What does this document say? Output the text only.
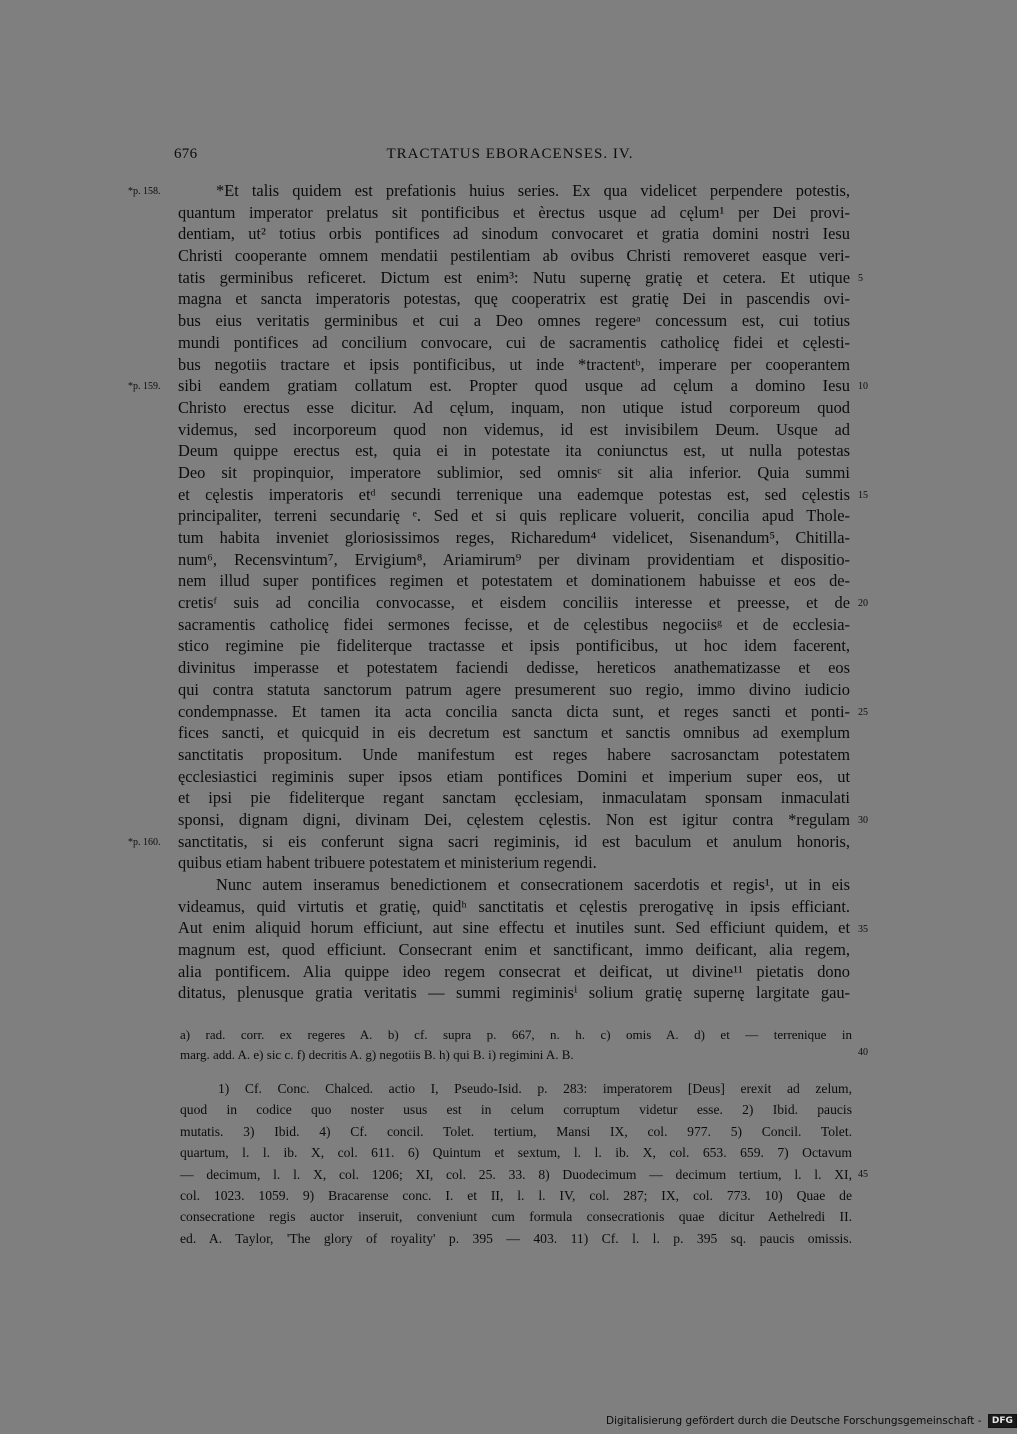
676	TRACTATUS EBORACENSES. IV.
*Et talis quidem est prefationis huius series. Ex qua videlicet perpendere potestis,
quantum imperator prelatus sit pontificibus et èrectus usque ad cęlum¹ per Dei provi-
dentiam, ut² totius orbis pontifices ad sinodum convocaret et gratia domini nostri Iesu
Christi cooperante omnem mendatii pestilentiam ab ovibus Christi removeret easque veri-
tatis germinibus reficeret. Dictum est enim³: Nutu supernę gratię et cetera. Et utique
magna et sancta imperatoris potestas, quę cooperatrix est gratię Dei in pascendis ovi-
bus eius veritatis germinibus et cui a Deo omnes regereᵃ concessum est, cui totius
mundi pontifices ad concilium convocare, cui de sacramentis catholicę fidei et cęlesti-
bus negotiis tractare et ipsis pontificibus, ut inde *tractentᵇ, imperare per cooperantem
sibi eandem gratiam collatum est. Propter quod usque ad cęlum a domino Iesu
Christo erectus esse dicitur. Ad cęlum, inquam, non utique istud corporeum quod
videmus, sed incorporeum quod non videmus, id est invisibilem Deum. Usque ad
Deum quippe erectus est, quia ei in potestate ita coniunctus est, ut nulla potestas
Deo sit propinquior, imperatore sublimior, sed omnisᶜ sit alia inferior. Quia summi
et cęlestis imperatoris etᵈ secundi terrenique una eademque potestas est, sed cęlestis
principaliter, terreni secundarię ᵉ. Sed et si quis replicare voluerit, concilia apud Thole-
tum habita inveniet gloriosissimos reges, Richaredum⁴ videlicet, Sisenandum⁵, Chitilla-
num⁶, Recensvintum⁷, Ervigium⁸, Ariamirum⁹ per divinam providentiam et dispositio-
nem illud super pontifices regimen et potestatem et dominationem habuisse et eos de-
cretisᶠ suis ad concilia convocasse, et eisdem conciliis interesse et preesse, et de
sacramentis catholicę fidei sermones fecisse, et de cęlestibus negociisᵍ et de ecclesia-
stico regimine pie fideliterque tractasse et ipsis pontificibus, ut hoc idem facerent,
divinitus imperasse et potestatem faciendi dedisse, hereticos anathematizasse et eos
qui contra statuta sanctorum patrum agere presumerent suo regio, immo divino iudicio
condempnasse. Et tamen ita acta concilia sancta dicta sunt, et reges sancti et ponti-
fices sancti, et quicquid in eis decretum est sanctum et sanctis omnibus ad exemplum
sanctitatis propositum. Unde manifestum est reges habere sacrosanctam potestatem
ęcclesiastici regiminis super ipsos etiam pontifices Domini et imperium super eos, ut
et ipsi pie fideliterque regant sanctam ęcclesiam, inmaculatam sponsam inmaculati
sponsi, dignam digni, divinam Dei, cęlestem cęlestis. Non est igitur contra *regulam
sanctitatis, si eis conferunt signa sacri regiminis, id est baculum et anulum honoris,
quibus etiam habent tribuere potestatem et ministerium regendi.
Nunc autem inseramus benedictionem et consecrationem sacerdotis et regis¹, ut in eis
videamus, quid virtutis et gratię, quidʰ sanctitatis et cęlestis prerogativę in ipsis efficiant.
Aut enim aliquid horum efficiunt, aut sine effectu et inutiles sunt. Sed efficiunt quidem, et
magnum est, quod efficiunt. Consecrant enim et sanctificant, immo deificant, alia regem,
alia pontificem. Alia quippe ideo regem consecrat et deificat, ut divine¹¹ pietatis dono
ditatus, plenusque gratia veritatis — summi regiminisⁱ solium gratię supernę largitate gau-
*p. 158.
*p. 159.
*p. 160.
5
10
15
20
25
30
35
40
45
a) rad. corr. ex regeres A. b) cf. supra p. 667, n. h. c) omis A. d) et — terrenique in
marg. add. A. e) sic c. f) decritis A. g) negotiis B. h) qui B. i) regimini A. B.
1) Cf. Conc. Chalced. actio I, Pseudo-Isid. p. 283: imperatorem [Deus] erexit ad zelum,
quod in codice quo noster usus est in celum corruptum videtur esse. 2) Ibid. paucis
mutatis. 3) Ibid. 4) Cf. concil. Tolet. tertium, Mansi IX, col. 977. 5) Concil. Tolet.
quartum, l. l. ib. X, col. 611. 6) Quintum et sextum, l. l. ib. X, col. 653. 659. 7) Octavum
— decimum, l. l. X, col. 1206; XI, col. 25. 33. 8) Duodecimum — decimum tertium, l. l. XI,
col. 1023. 1059. 9) Bracarense conc. I. et II, l. l. IV, col. 287; IX, col. 773. 10) Quae de
consecratione regis auctor inseruit, conveniunt cum formula consecrationis quae dicitur Aethelredi II.
ed. A. Taylor, 'The glory of royality' p. 395 — 403. 11) Cf. l. l. p. 395 sq. paucis omissis.
Digitalisierung gefördert durch die Deutsche Forschungsgemeinschaft - DFG
